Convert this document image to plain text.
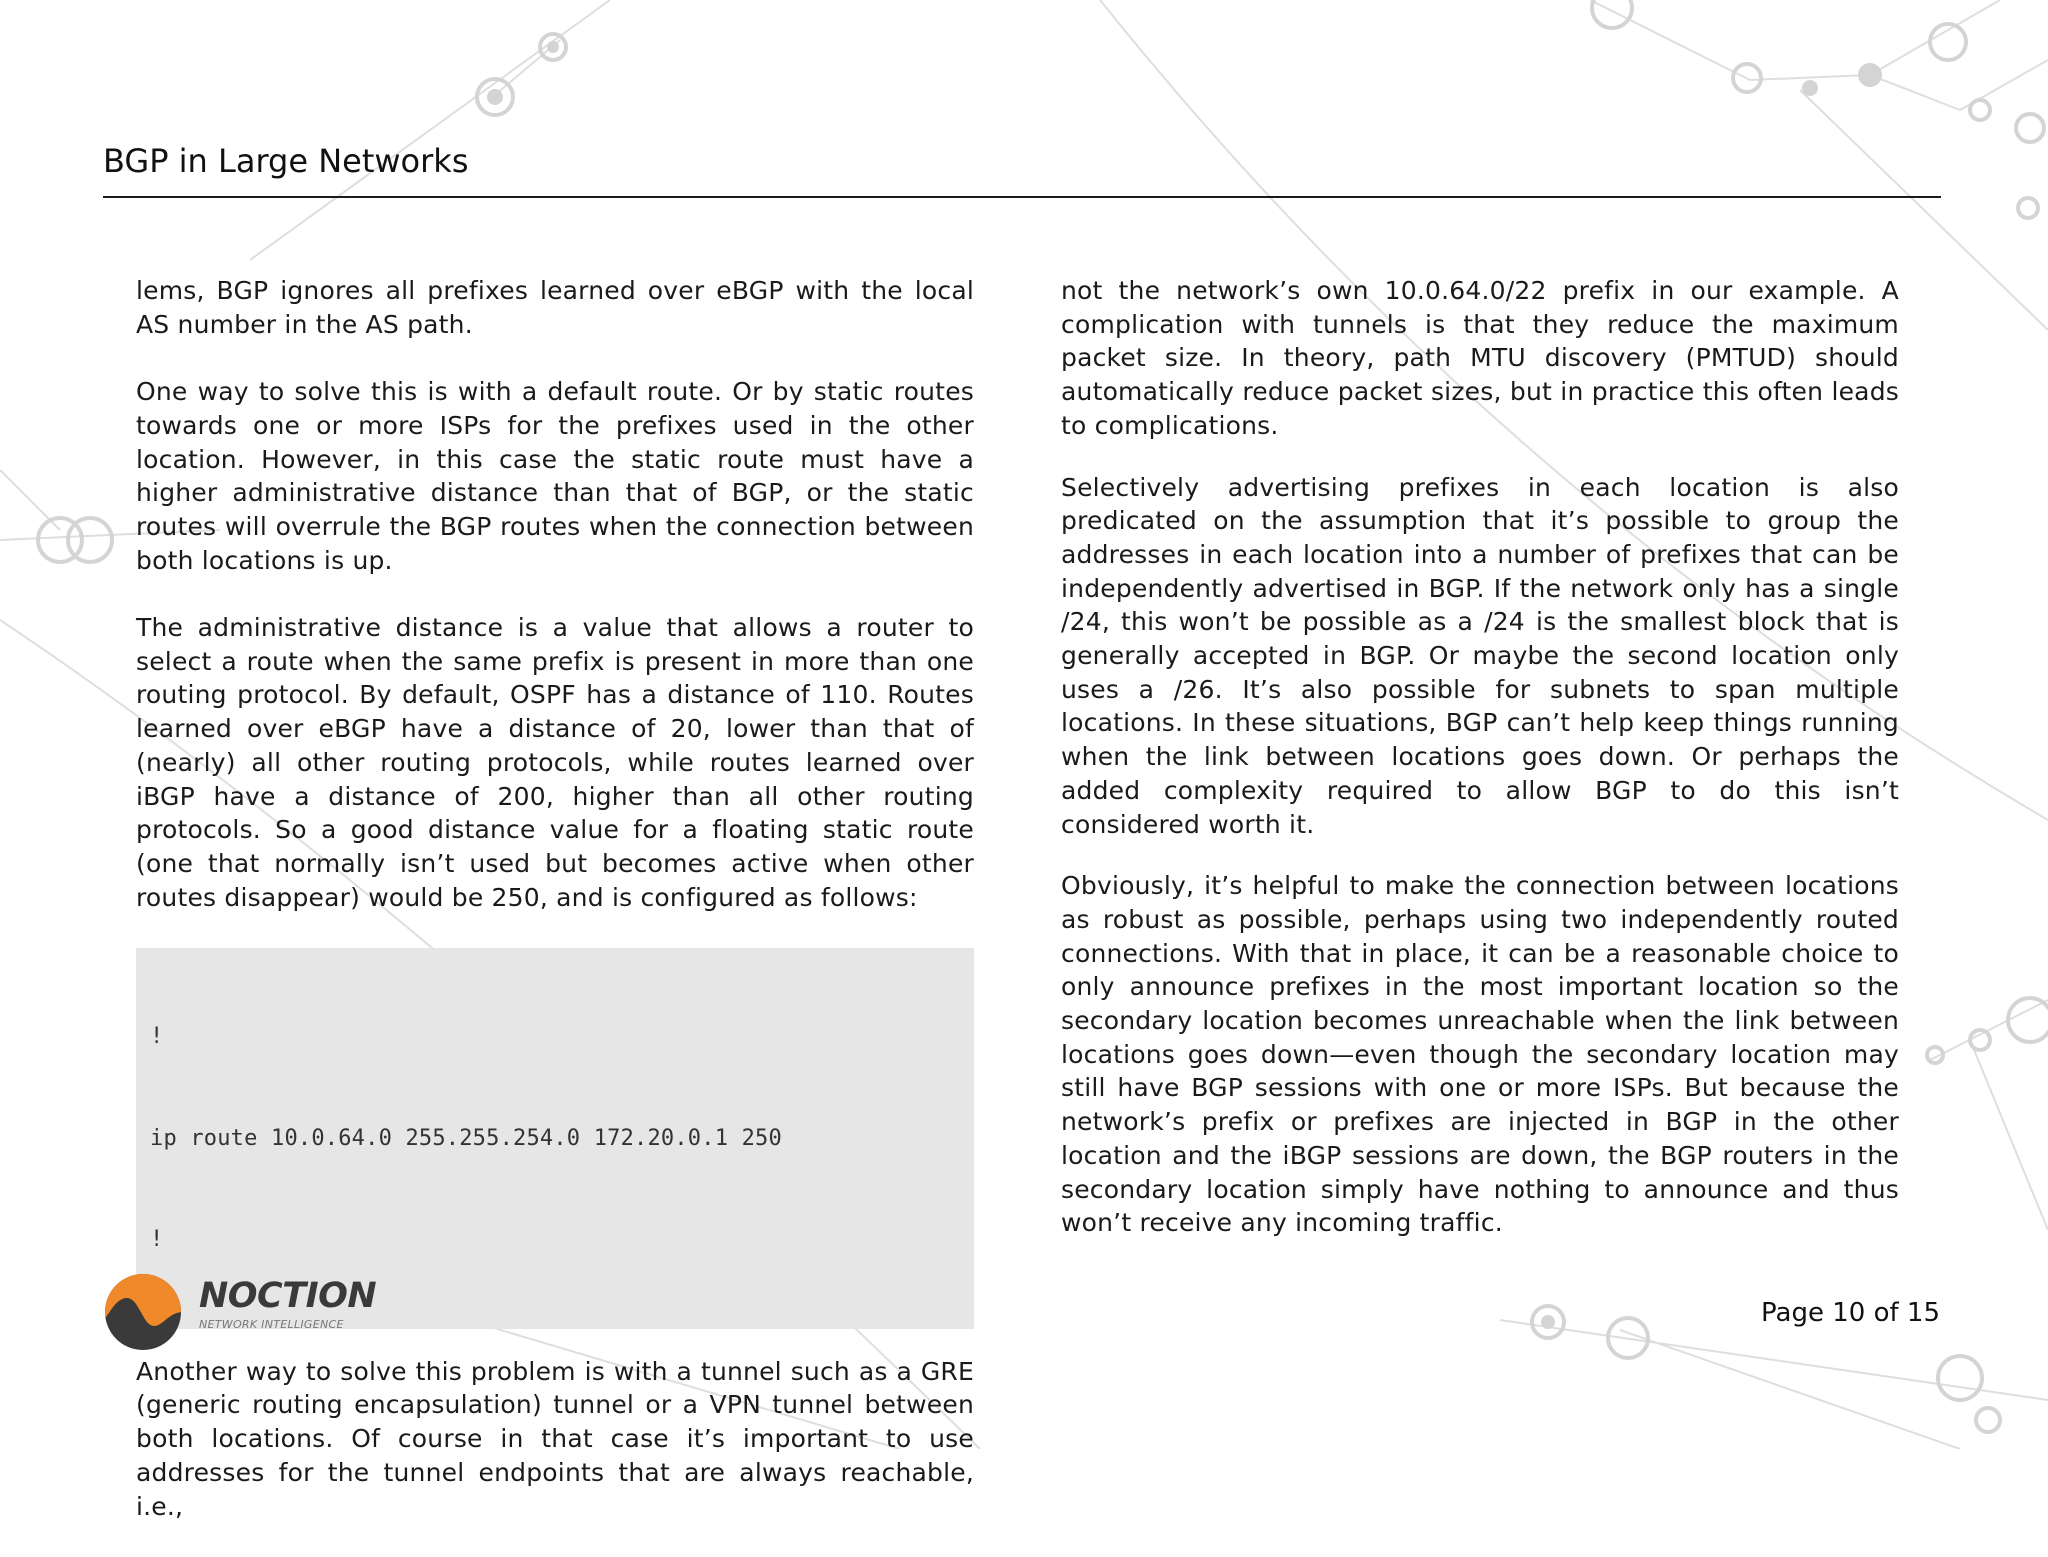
BGP in Large Networks

lems, BGP ignores all prefixes learned over eBGP with the local AS number in the AS path.

One way to solve this is with a default route. Or by static routes towards one or more ISPs for the prefixes used in the other location. However, in this case the static route must have a higher administrative distance than that of BGP, or the static routes will overrule the BGP routes when the connection between both locations is up.

The administrative distance is a value that allows a router to select a route when the same prefix is present in more than one routing protocol. By default, OSPF has a distance of 110. Routes learned over eBGP have a distance of 20, lower than that of (nearly) all other routing protocols, while routes learned over iBGP have a distance of 200, higher than all other routing protocols. So a good distance value for a floating static route (one that normally isn’t used but becomes active when other routes disappear) would be 250, and is configured as follows:

!

ip route 10.0.64.0 255.255.254.0 172.20.0.1 250

!

Another way to solve this problem is with a tunnel such as a GRE (generic routing encapsulation) tunnel or a VPN tunnel between both locations. Of course in that case it’s important to use addresses for the tunnel endpoints that are always reachable, i.e.,

not the network’s own 10.0.64.0/22 prefix in our example. A complication with tunnels is that they reduce the maximum packet size. In theory, path MTU discovery (PMTUD) should automatically reduce packet sizes, but in practice this often leads to complications.

Selectively advertising prefixes in each location is also predicated on the assumption that it’s possible to group the addresses in each location into a number of prefixes that can be independently advertised in BGP. If the network only has a single /24, this won’t be possible as a /24 is the smallest block that is generally accepted in BGP. Or maybe the second location only uses a /26. It’s also possible for subnets to span multiple locations. In these situations, BGP can’t help keep things running when the link between locations goes down. Or perhaps the added complexity required to allow BGP to do this isn’t considered worth it.

Obviously, it’s helpful to make the connection between locations as robust as possible, perhaps using two independently routed connections. With that in place, it can be a reasonable choice to only announce prefixes in the most important location so the secondary location becomes unreachable when the link between locations goes down—even though the secondary location may still have BGP sessions with one or more ISPs. But because the network’s prefix or prefixes are injected in BGP in the other location and the iBGP sessions are down, the BGP routers in the secondary location simply have nothing to announce and thus won’t receive any incoming traffic.

NOCTION
NETWORK INTELLIGENCE	Page 10 of 15
